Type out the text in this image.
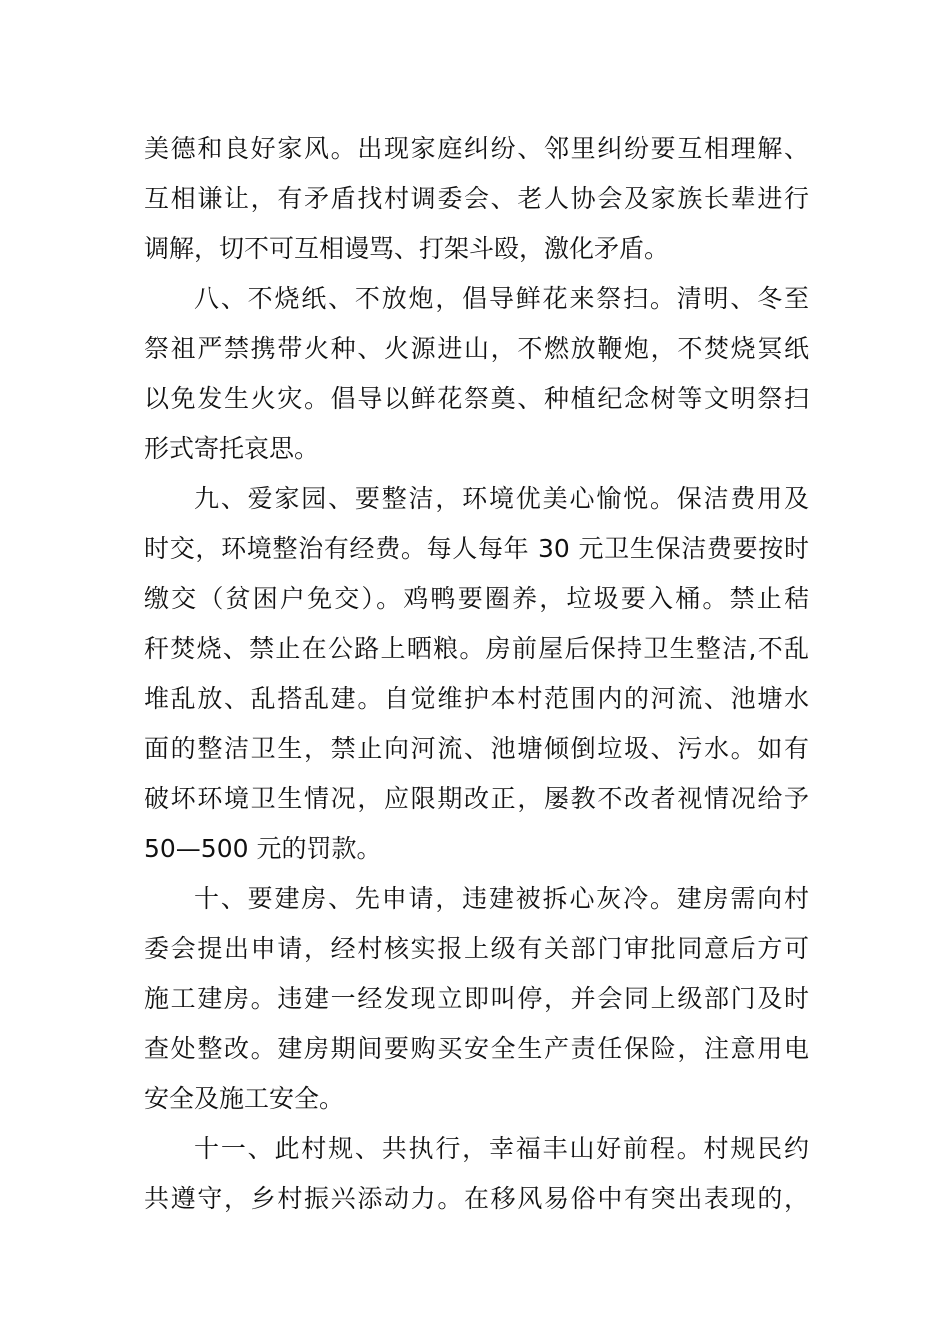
美德和良好家风。出现家庭纠纷、邻里纠纷要互相理解、
互相谦让，有矛盾找村调委会、老人协会及家族长辈进行
调解，切不可互相谩骂、打架斗殴，激化矛盾。
八、不烧纸、不放炮，倡导鲜花来祭扫。清明、冬至
祭祖严禁携带火种、火源进山，不燃放鞭炮，不焚烧冥纸
以免发生火灾。倡导以鲜花祭奠、种植纪念树等文明祭扫
形式寄托哀思。
九、爱家园、要整洁，环境优美心愉悦。保洁费用及
时交，环境整治有经费。每人每年 30 元卫生保洁费要按时
缴交（贫困户免交）。鸡鸭要圈养，垃圾要入桶。禁止秸
秆焚烧、禁止在公路上晒粮。房前屋后保持卫生整洁,不乱
堆乱放、乱搭乱建。自觉维护本村范围内的河流、池塘水
面的整洁卫生，禁止向河流、池塘倾倒垃圾、污水。如有
破坏环境卫生情况，应限期改正，屡教不改者视情况给予
50—500 元的罚款。
十、要建房、先申请，违建被拆心灰冷。建房需向村
委会提出申请，经村核实报上级有关部门审批同意后方可
施工建房。违建一经发现立即叫停，并会同上级部门及时
查处整改。建房期间要购买安全生产责任保险，注意用电
安全及施工安全。
十一、此村规、共执行，幸福丰山好前程。村规民约
共遵守，乡村振兴添动力。在移风易俗中有突出表现的，
